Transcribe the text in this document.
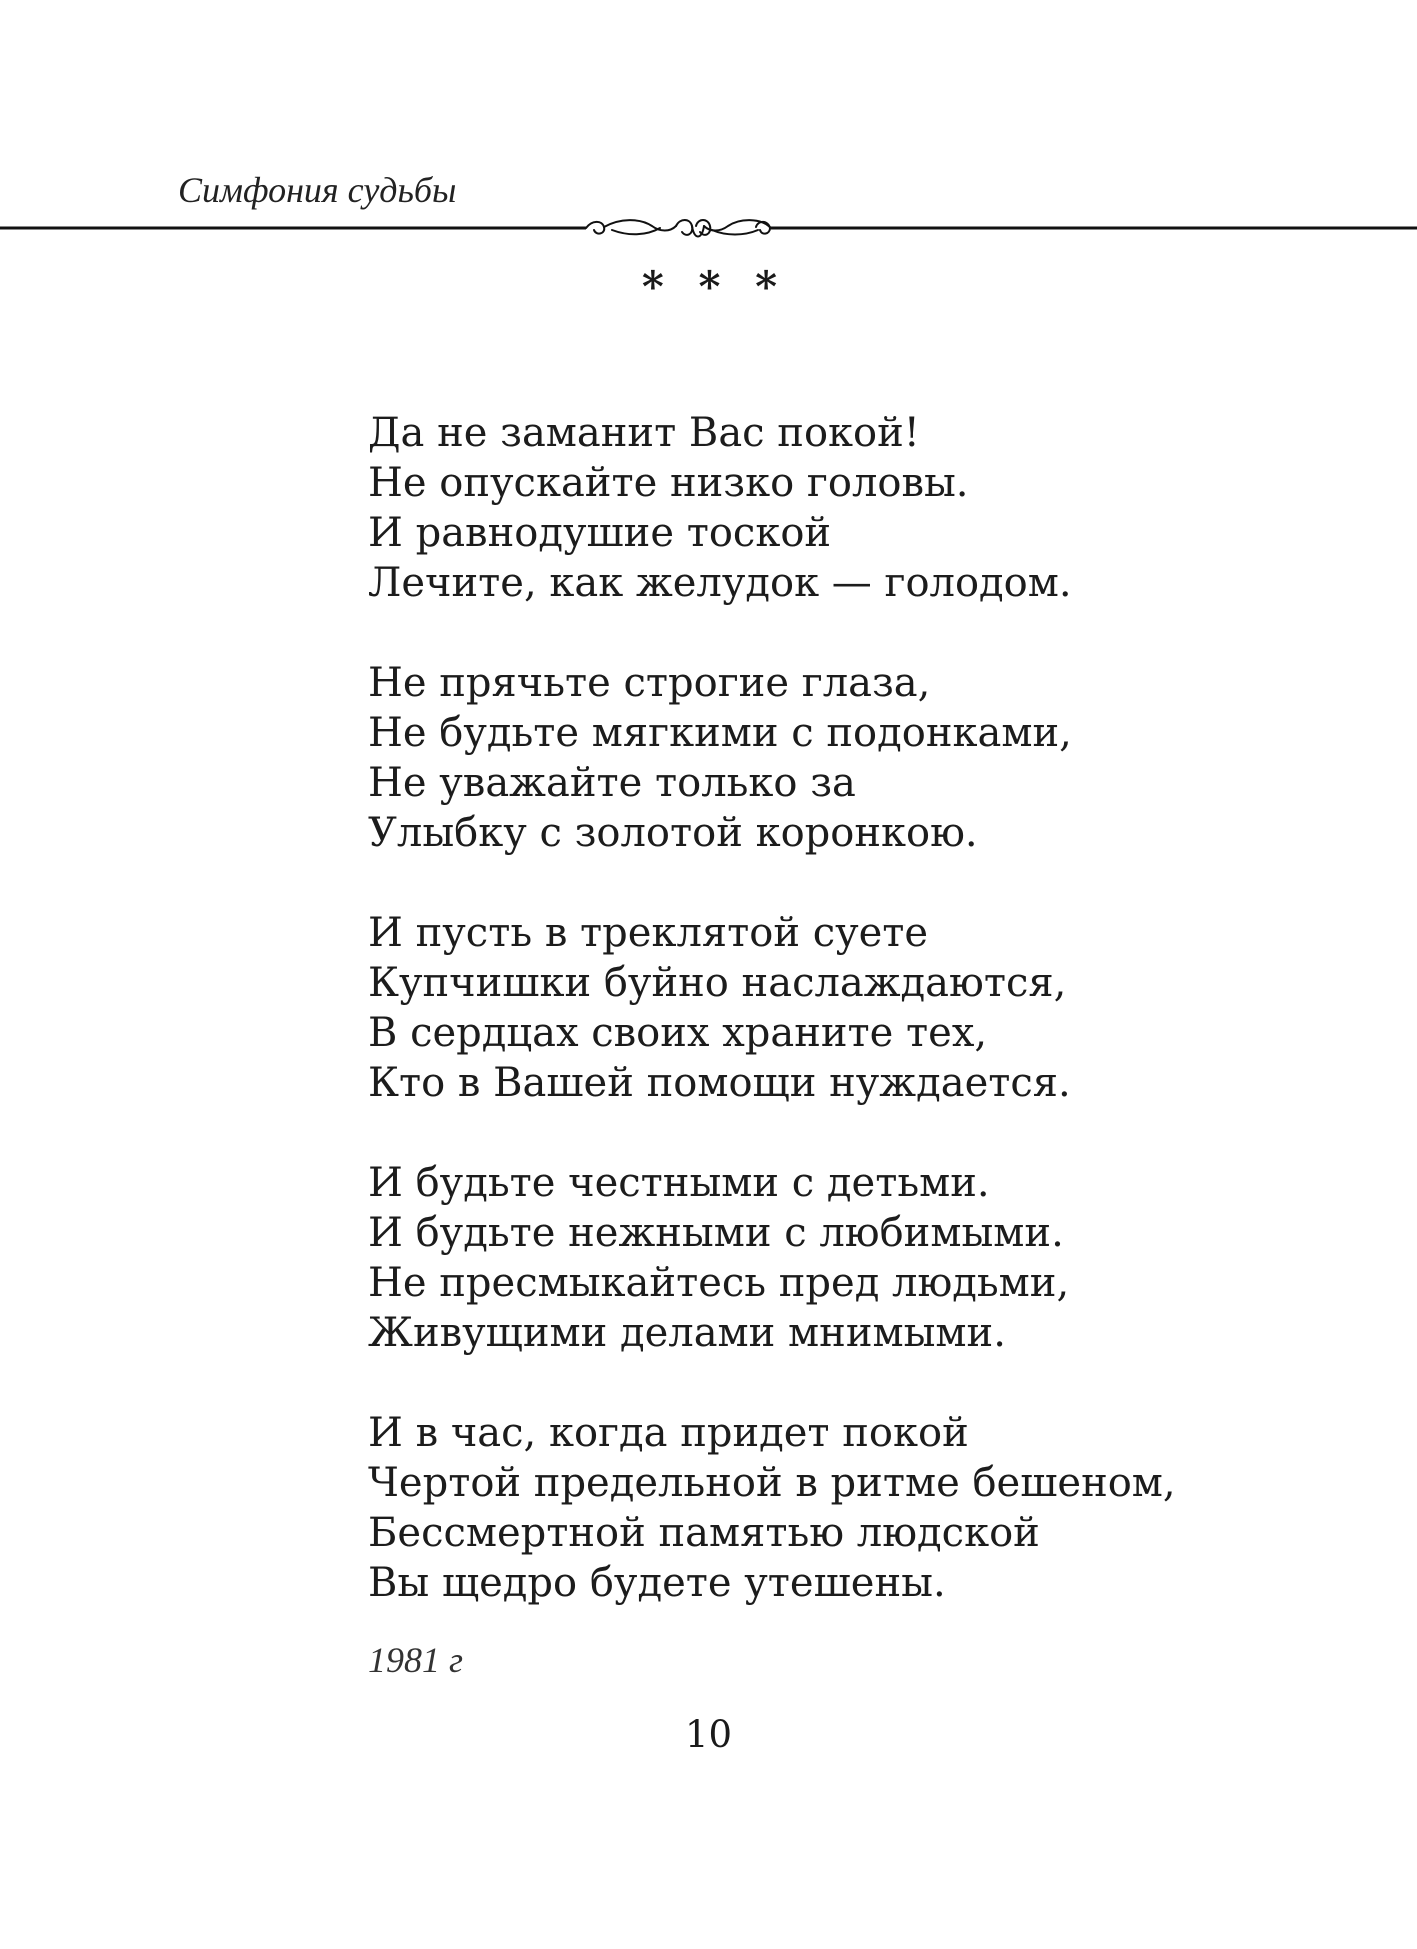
Симфония судьбы

* * *

Да не заманит Вас покой!
Не опускайте низко головы.
И равнодушие тоской
Лечите, как желудок — голодом.
Не прячьте строгие глаза,
Не будьте мягкими с подонками,
Не уважайте только за
Улыбку с золотой коронкою.
И пусть в треклятой суете
Купчишки буйно наслаждаются,
В сердцах своих храните тех,
Кто в Вашей помощи нуждается.
И будьте честными с детьми.
И будьте нежными с любимыми.
Не пресмыкайтесь пред людьми,
Живущими делами мнимыми.
И в час, когда придет покой
Чертой предельной в ритме бешеном,
Бессмертной памятью людской
Вы щедро будете утешены.

1981 г

10
